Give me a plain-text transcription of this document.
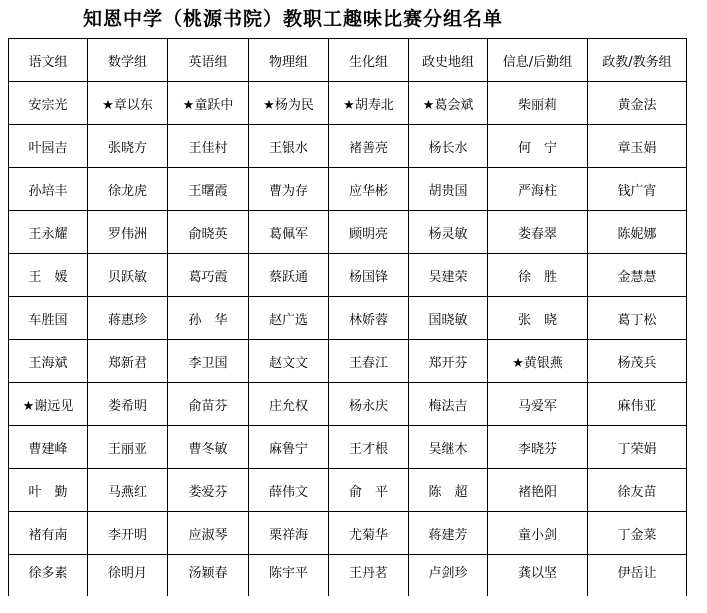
知恩中学（桃源书院）教职工趣味比赛分组名单
语文组	数学组	英语组	物理组	生化组	政史地组	信息/后勤组	政教/教务组
安宗光	★章以东	★童跃中	★杨为民	★胡寿北	★葛会斌	柴丽莉	黄金法
叶园吉	张晓方	王佳村	王银水	褚善亮	杨长水	何　宁	章玉娟
孙培丰	徐龙虎	王曙霞	曹为存	应华彬	胡贵国	严海柱	钱广宵
王永耀	罗伟洲	俞晓英	葛佩军	顾明亮	杨灵敏	娄春翠	陈妮娜
王　媛	贝跃敏	葛巧霞	蔡跃通	杨国锋	吴建荣	徐　胜	金慧慧
车胜国	蒋惠珍	孙　华	赵广选	林娇蓉	国晓敏	张　晓	葛丁松
王海斌	郑新君	李卫国	赵文文	王春江	郑开芬	★黄银燕	杨茂兵
★谢远见	娄希明	俞苗芬	庄允权	杨永庆	梅法吉	马爱军	麻伟亚
曹建峰	王丽亚	曹冬敏	麻鲁宁	王才根	吴继木	李晓芬	丁荣娟
叶　勤	马燕红	娄爱芬	薛伟文	俞　平	陈　超	褚艳阳	徐友苗
褚有南	李开明	应淑琴	栗祥海	尤菊华	蒋建芳	童小剑	丁金菜
徐多素	徐明月	汤颖春	陈宇平	王丹茗	卢剑珍	龚以坚	伊岳让
